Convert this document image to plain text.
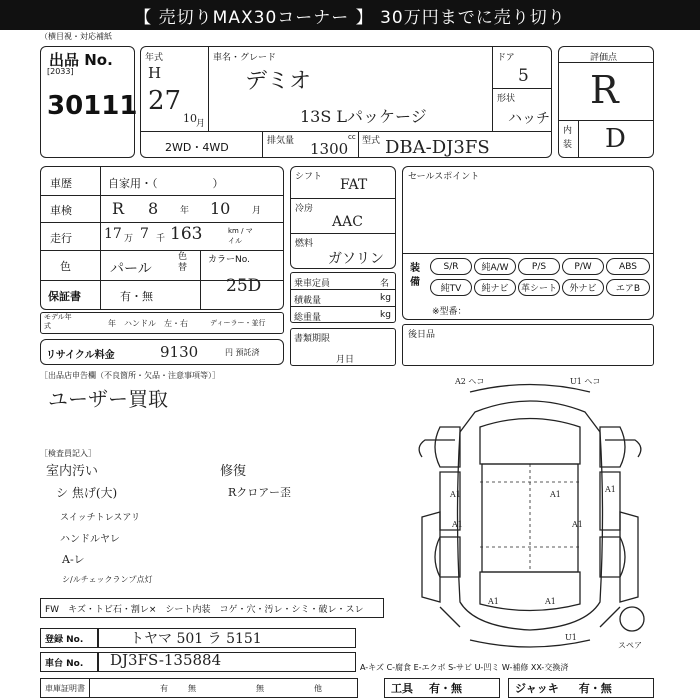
【 売切りMAX30コーナー 】 30万円までに売り切り
（横目視・対応補紙
出品 No.
[2033]
30111
年式
H
27
10 月
車名・グレード
デミオ
13S Lパッケージ
ドア
5
形状
ハッチ
2WD・4WD	排気量	cc
1300 型式 DBA-DJ3FS
評価点
R
内装 D
車歴	自家用・（　　　　　）
車検	R 8 年 10 月
走行 17 万 7 千 163	km / マイル
色	パール
色替
カラーNo.
25D
保証書	有・無
モデル年式	年 ハンドル　左・右	ディーラー・並行
リサイクル料金	9130	円 預託済
シフト FAT
冷房
AAC
燃料
ガソリン
乗車定員	名
積載量	kg
総重量	kg
書類期限
月日
セールスポイント
装備
S/R	純A/W	P/S	P/W	ABS
純TV	純ナビ	革シート	外ナビ	エアB
※型番：
後日品
［出品店申告欄（不良箇所・欠品・注意事項等）］
ユーザー買取
［検査員記入］
室内汚い
シ 焦げ(大)
スイッチトレスアリ
ハンドルヤレ
A-レ
シ/ルチェックランプ点灯
修復
Rクロアー歪
FW　キズ・トビ石・割レ×　シート内装　コゲ・穴・汚レ・シミ・破レ・スレ
登録 No.	トヤマ 501 ラ 5151
車台 No.	DJ3FS-135884	A-キズ C-腐食 E-エクボ S-サビ U-凹ミ W-補修 XX-交換済
車庫証明書	有	無	無	他	工具	有・無	ジャッキ	有・無
A2 ヘコ	U1 ヘコ
A1
A1
A1
A1
A1
A1	A1
U1
スペア
